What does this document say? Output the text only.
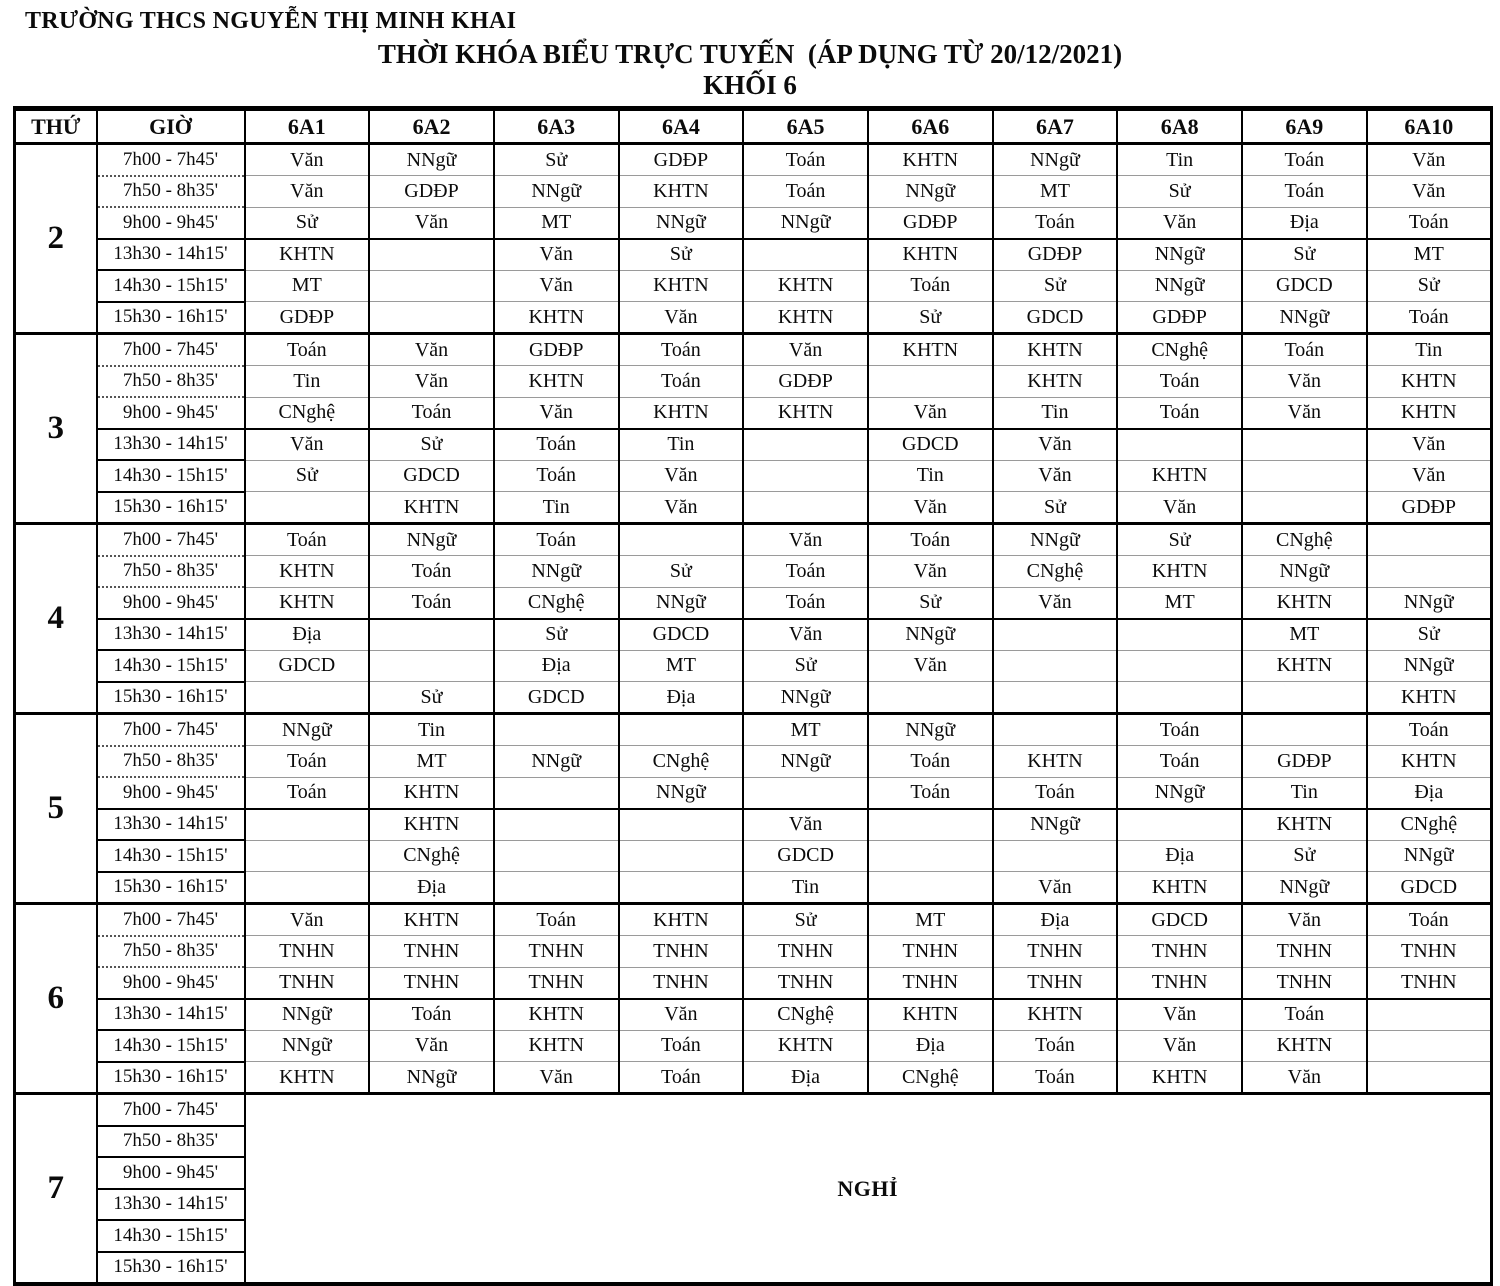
TRƯỜNG THCS NGUYỄN THỊ MINH KHAI
THỜI KHÓA BIỂU TRỰC TUYẾN  (ÁP DỤNG TỪ 20/12/2021)
KHỐI 6
THỨ	GIỜ	6A1	6A2	6A3	6A4	6A5	6A6	6A7	6A8	6A9	6A10
2	7h00 - 7h45'	Văn	NNgữ	Sử	GDĐP	Toán	KHTN	NNgữ	Tin	Toán	Văn
	7h50 - 8h35'	Văn	GDĐP	NNgữ	KHTN	Toán	NNgữ	MT	Sử	Toán	Văn
	9h00 - 9h45'	Sử	Văn	MT	NNgữ	NNgữ	GDĐP	Toán	Văn	Địa	Toán
	13h30 - 14h15'	KHTN		Văn	Sử		KHTN	GDĐP	NNgữ	Sử	MT
	14h30 - 15h15'	MT		Văn	KHTN	KHTN	Toán	Sử	NNgữ	GDCD	Sử
	15h30 - 16h15'	GDĐP		KHTN	Văn	KHTN	Sử	GDCD	GDĐP	NNgữ	Toán
3	7h00 - 7h45'	Toán	Văn	GDĐP	Toán	Văn	KHTN	KHTN	CNghệ	Toán	Tin
	7h50 - 8h35'	Tin	Văn	KHTN	Toán	GDĐP		KHTN	Toán	Văn	KHTN
	9h00 - 9h45'	CNghệ	Toán	Văn	KHTN	KHTN	Văn	Tin	Toán	Văn	KHTN
	13h30 - 14h15'	Văn	Sử	Toán	Tin		GDCD	Văn			Văn
	14h30 - 15h15'	Sử	GDCD	Toán	Văn		Tin	Văn	KHTN		Văn
	15h30 - 16h15'		KHTN	Tin	Văn		Văn	Sử	Văn		GDĐP
4	7h00 - 7h45'	Toán	NNgữ	Toán		Văn	Toán	NNgữ	Sử	CNghệ	
	7h50 - 8h35'	KHTN	Toán	NNgữ	Sử	Toán	Văn	CNghệ	KHTN	NNgữ	
	9h00 - 9h45'	KHTN	Toán	CNghệ	NNgữ	Toán	Sử	Văn	MT	KHTN	NNgữ
	13h30 - 14h15'	Địa		Sử	GDCD	Văn	NNgữ			MT	Sử
	14h30 - 15h15'	GDCD		Địa	MT	Sử	Văn			KHTN	NNgữ
	15h30 - 16h15'		Sử	GDCD	Địa	NNgữ					KHTN
5	7h00 - 7h45'	NNgữ	Tin			MT	NNgữ		Toán		Toán
	7h50 - 8h35'	Toán	MT	NNgữ	CNghệ	NNgữ	Toán	KHTN	Toán	GDĐP	KHTN
	9h00 - 9h45'	Toán	KHTN		NNgữ		Toán	Toán	NNgữ	Tin	Địa
	13h30 - 14h15'		KHTN			Văn		NNgữ		KHTN	CNghệ
	14h30 - 15h15'		CNghệ			GDCD			Địa	Sử	NNgữ
	15h30 - 16h15'		Địa			Tin		Văn	KHTN	NNgữ	GDCD
6	7h00 - 7h45'	Văn	KHTN	Toán	KHTN	Sử	MT	Địa	GDCD	Văn	Toán
	7h50 - 8h35'	TNHN	TNHN	TNHN	TNHN	TNHN	TNHN	TNHN	TNHN	TNHN	TNHN
	9h00 - 9h45'	TNHN	TNHN	TNHN	TNHN	TNHN	TNHN	TNHN	TNHN	TNHN	TNHN
	13h30 - 14h15'	NNgữ	Toán	KHTN	Văn	CNghệ	KHTN	KHTN	Văn	Toán	
	14h30 - 15h15'	NNgữ	Văn	KHTN	Toán	KHTN	Địa	Toán	Văn	KHTN	
	15h30 - 16h15'	KHTN	NNgữ	Văn	Toán	Địa	CNghệ	Toán	KHTN	Văn	
7	7h00 - 7h45'	NGHỈ									
	7h50 - 8h35'										
	9h00 - 9h45'										
	13h30 - 14h15'										
	14h30 - 15h15'										
	15h30 - 16h15'										
